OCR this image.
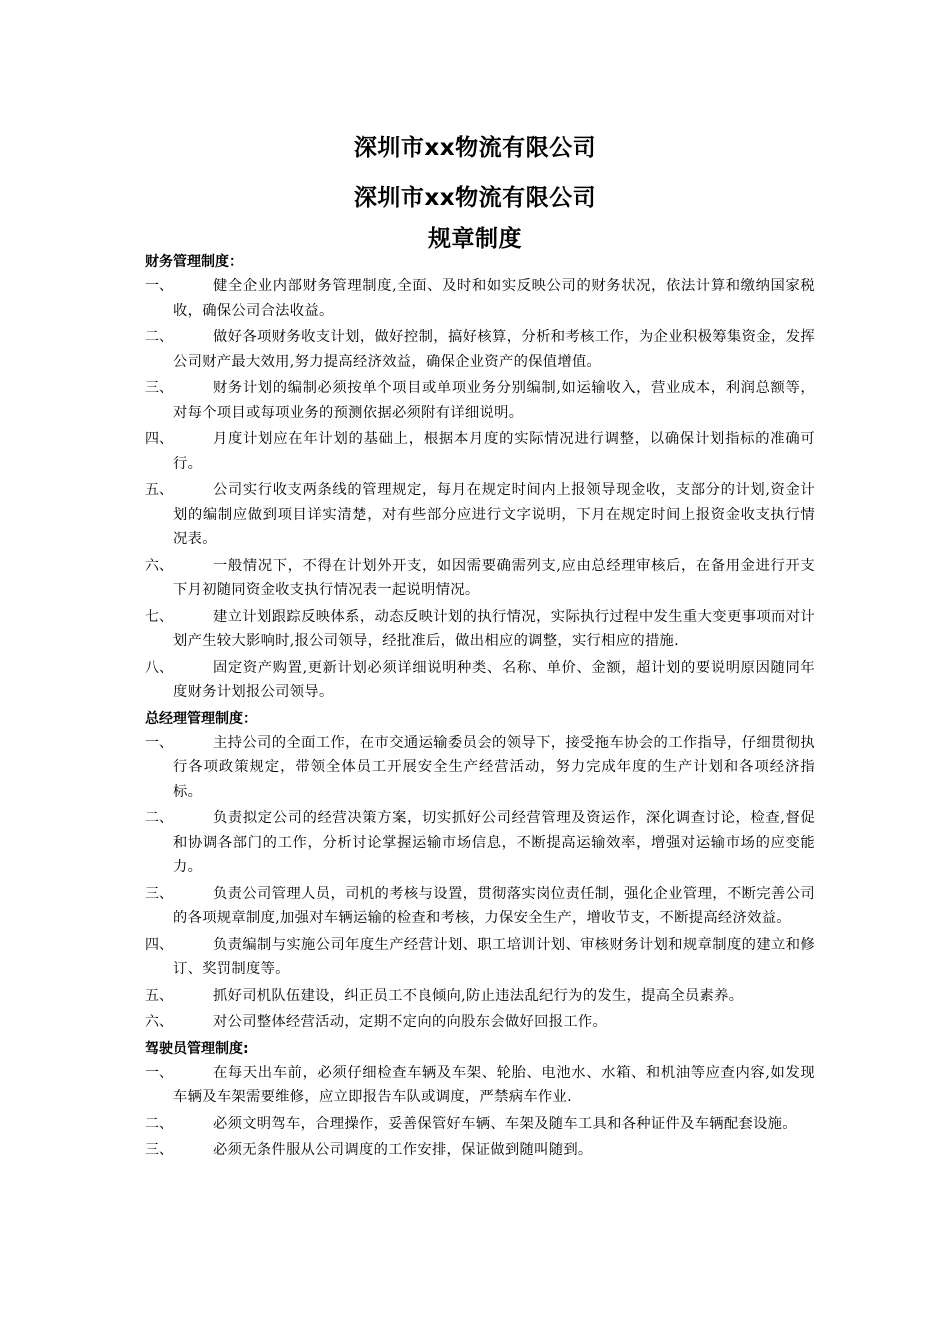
深圳市xx物流有限公司
深圳市xx物流有限公司
规章制度
财务管理制度：
一、	健全企业内部财务管理制度,全面、及时和如实反映公司的财务状况，依法计算和缴纳国家税收，确保公司合法收益。
二、	做好各项财务收支计划，做好控制，搞好核算，分析和考核工作，为企业积极筹集资金，发挥公司财产最大效用,努力提高经济效益，确保企业资产的保值增值。
三、	财务计划的编制必须按单个项目或单项业务分别编制,如运输收入，营业成本，利润总额等，对每个项目或每项业务的预测依据必须附有详细说明。
四、	月度计划应在年计划的基础上，根据本月度的实际情况进行调整，以确保计划指标的准确可行。
五、	公司实行收支两条线的管理规定，每月在规定时间内上报领导现金收，支部分的计划,资金计划的编制应做到项目详实清楚，对有些部分应进行文字说明，下月在规定时间上报资金收支执行情况表。
六、	一般情况下，不得在计划外开支，如因需要确需列支,应由总经理审核后，在备用金进行开支下月初随同资金收支执行情况表一起说明情况。
七、	建立计划跟踪反映体系，动态反映计划的执行情况，实际执行过程中发生重大变更事项而对计划产生较大影响时,报公司领导，经批准后，做出相应的调整，实行相应的措施.
八、	固定资产购置,更新计划必须详细说明种类、名称、单价、金额，超计划的要说明原因随同年度财务计划报公司领导。
总经理管理制度：
一、	主持公司的全面工作，在市交通运输委员会的领导下，接受拖车协会的工作指导，仔细贯彻执行各项政策规定，带领全体员工开展安全生产经营活动，努力完成年度的生产计划和各项经济指标。
二、	负责拟定公司的经营决策方案，切实抓好公司经营管理及资运作，深化调查讨论，检查,督促和协调各部门的工作，分析讨论掌握运输市场信息，不断提高运输效率，增强对运输市场的应变能力。
三、	负责公司管理人员，司机的考核与设置，贯彻落实岗位责任制，强化企业管理，不断完善公司的各项规章制度,加强对车辆运输的检查和考核，力保安全生产，增收节支，不断提高经济效益。
四、	负责编制与实施公司年度生产经营计划、职工培训计划、审核财务计划和规章制度的建立和修订、奖罚制度等。
五、	抓好司机队伍建设，纠正员工不良倾向,防止违法乱纪行为的发生，提高全员素养。
六、	对公司整体经营活动，定期不定向的向股东会做好回报工作。
驾驶员管理制度:
一、	在每天出车前，必须仔细检查车辆及车架、轮胎、电池水、水箱、和机油等应查内容,如发现车辆及车架需要维修，应立即报告车队或调度，严禁病车作业.
二、	必须文明驾车，合理操作，妥善保管好车辆、车架及随车工具和各种证件及车辆配套设施。
三、	必须无条件服从公司调度的工作安排，保证做到随叫随到。
